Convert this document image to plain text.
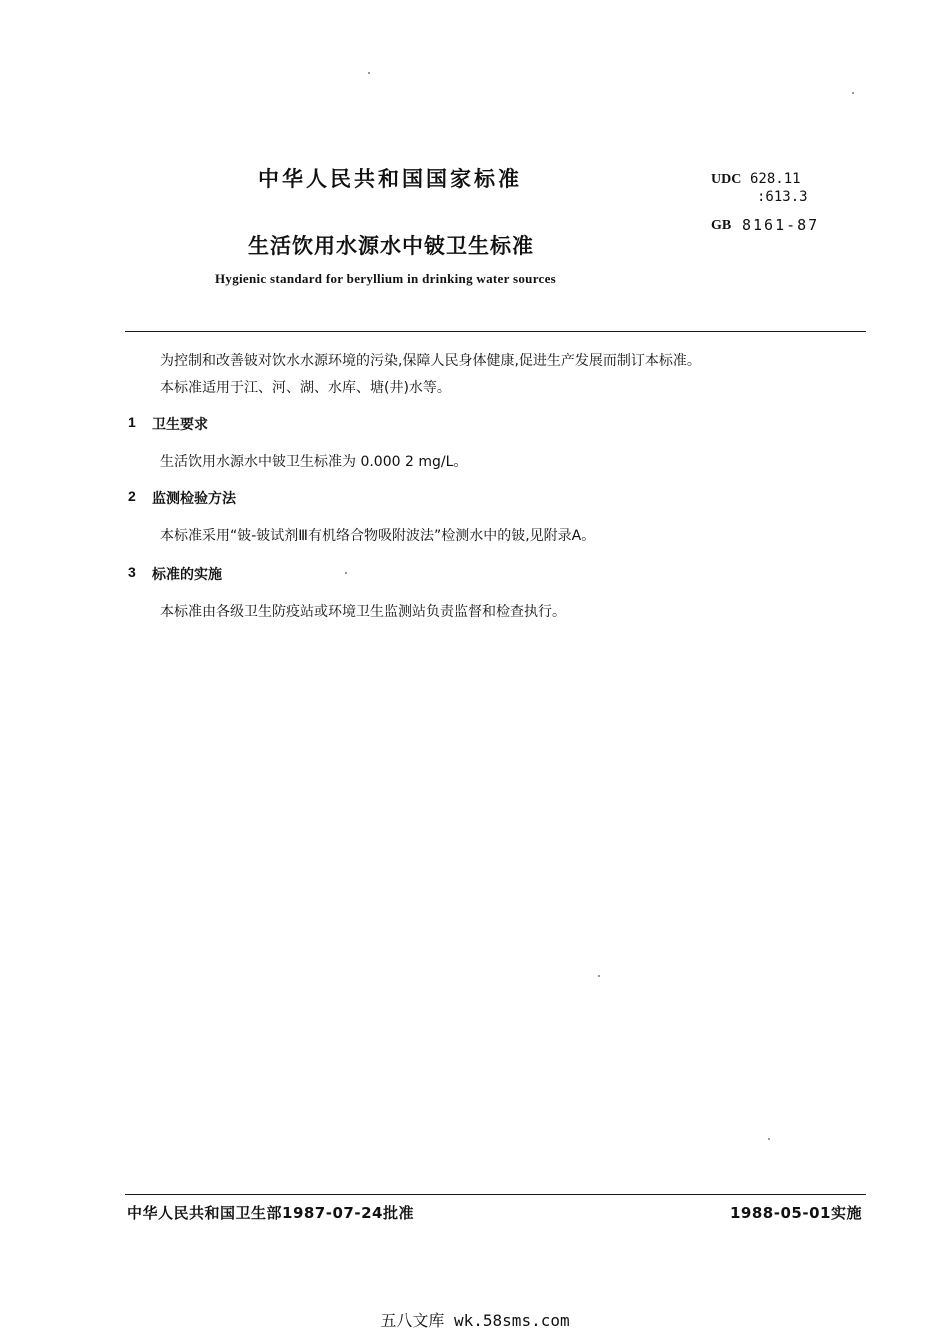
中华人民共和国国家标准	UDC 628.11
:613.3
GB 8161-87
生活饮用水源水中铍卫生标准
Hygienic standard for beryllium in drinking water sources
为控制和改善铍对饮水水源环境的污染,保障人民身体健康,促进生产发展而制订本标准。
本标准适用于江、河、湖、水库、塘(井)水等。
1 卫生要求
生活饮用水源水中铍卫生标准为 0.000 2 mg/L。
2 监测检验方法
本标准采用“铍-铍试剂Ⅲ有机络合物吸附波法”检测水中的铍,见附录A。
3 标准的实施
本标准由各级卫生防疫站或环境卫生监测站负责监督和检查执行。
中华人民共和国卫生部1987-07-24批准	1988-05-01实施
五八文库 wk.58sms.com
